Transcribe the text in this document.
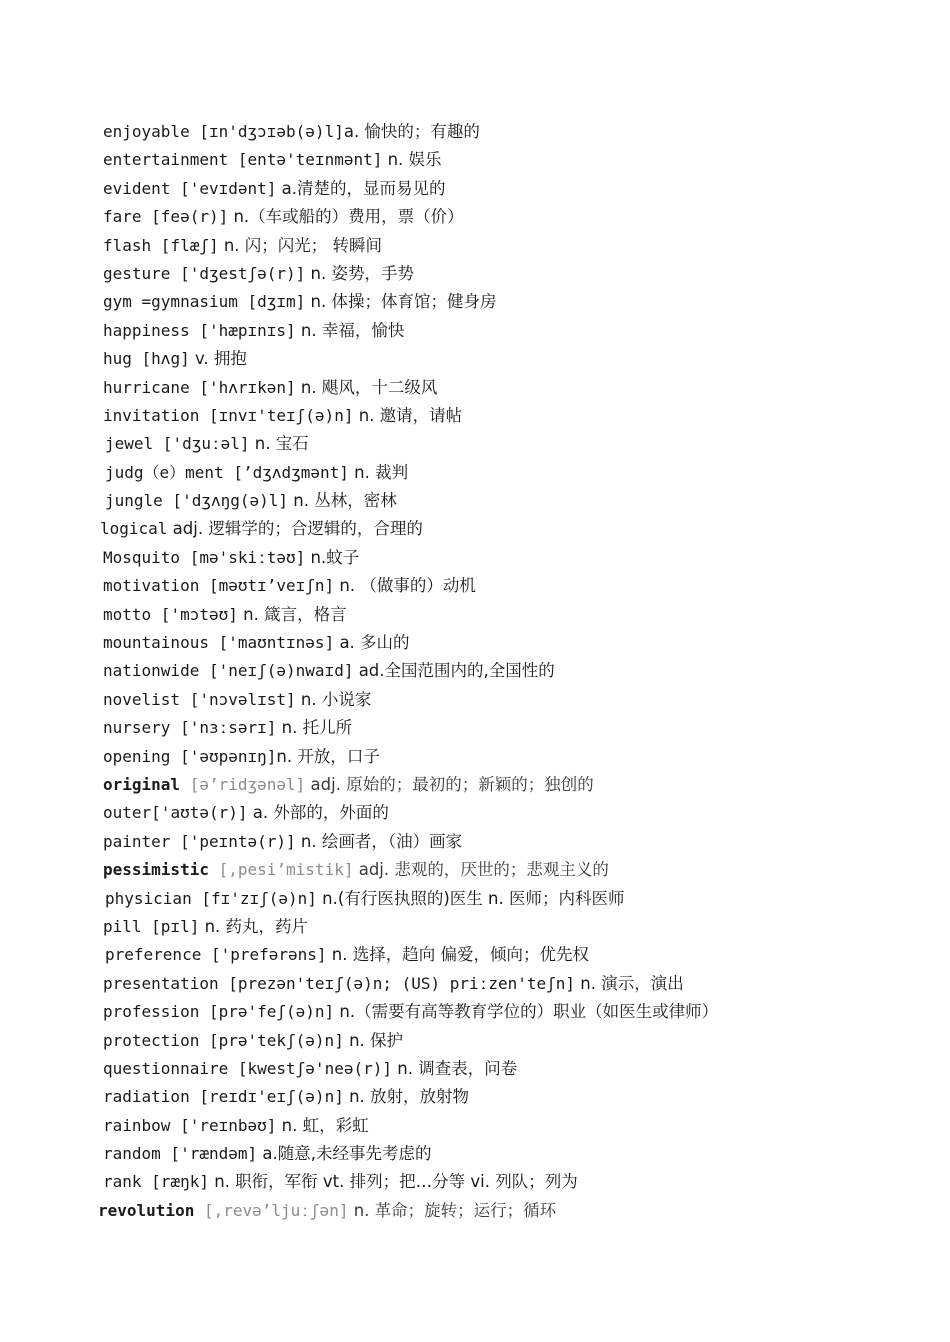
enjoyable [ɪn'dʒɔɪəb(ə)l]a. 愉快的；有趣的
entertainment [entə'teɪnmənt] n. 娱乐
evident ['evɪdənt] a.清楚的，显而易见的
fare [feə(r)] n.（车或船的）费用，票（价）
flash [flæʃ] n. 闪；闪光； 转瞬间
gesture ['dʒestʃə(r)] n. 姿势，手势
gym =gymnasium [dʒɪm] n. 体操；体育馆；健身房
happiness ['hæpɪnɪs] n. 幸福，愉快
hug [hʌg] v. 拥抱
hurricane ['hʌrɪkən] n. 飓风，十二级风
invitation [ɪnvɪ'teɪʃ(ə)n] n. 邀请，请帖
jewel ['dʒuːəl] n. 宝石
judg（e）ment [’dʒʌdʒmənt] n. 裁判
jungle ['dʒʌŋg(ə)l] n. 丛林，密林
logical adj. 逻辑学的；合逻辑的，合理的
Mosquito [mə'skiːtəʊ] n.蚊子
motivation [məʊtɪ’veɪʃn] n. （做事的）动机
motto ['mɔtəʊ] n. 箴言，格言
mountainous ['maʊntɪnəs] a. 多山的
nationwide ['neɪʃ(ə)nwaɪd] ad.全国范围内的,全国性的
novelist ['nɔvəlɪst] n. 小说家
nursery ['nɜːsərɪ] n. 托儿所
opening ['əʊpənɪŋ]n. 开放，口子
original [ə’ridʒənəl] adj. 原始的；最初的；新颖的；独创的
outer['aʊtə(r)] a. 外部的，外面的
painter ['peɪntə(r)] n. 绘画者，（油）画家
pessimistic [,pesi’mistik] adj. 悲观的，厌世的；悲观主义的
physician [fɪ'zɪʃ(ə)n] n.(有行医执照的)医生 n. 医师；内科医师
pill [pɪl] n. 药丸，药片
preference ['prefərəns] n. 选择，趋向 偏爱，倾向；优先权
presentation [prezən'teɪʃ(ə)n; (US) priːzen'teʃn] n. 演示，演出
profession [prə'feʃ(ə)n] n.（需要有高等教育学位的）职业（如医生或律师）
protection [prə'tekʃ(ə)n] n. 保护
questionnaire [kwestʃə'neə(r)] n. 调查表，问卷
radiation [reɪdɪ'eɪʃ(ə)n] n. 放射，放射物
rainbow ['reɪnbəʊ] n. 虹，彩虹
random ['rændəm] a.随意,未经事先考虑的
rank [ræŋk] n. 职衔，军衔 vt. 排列；把…分等 vi. 列队；列为
revolution [,revə’ljuːʃən] n. 革命；旋转；运行；循环
